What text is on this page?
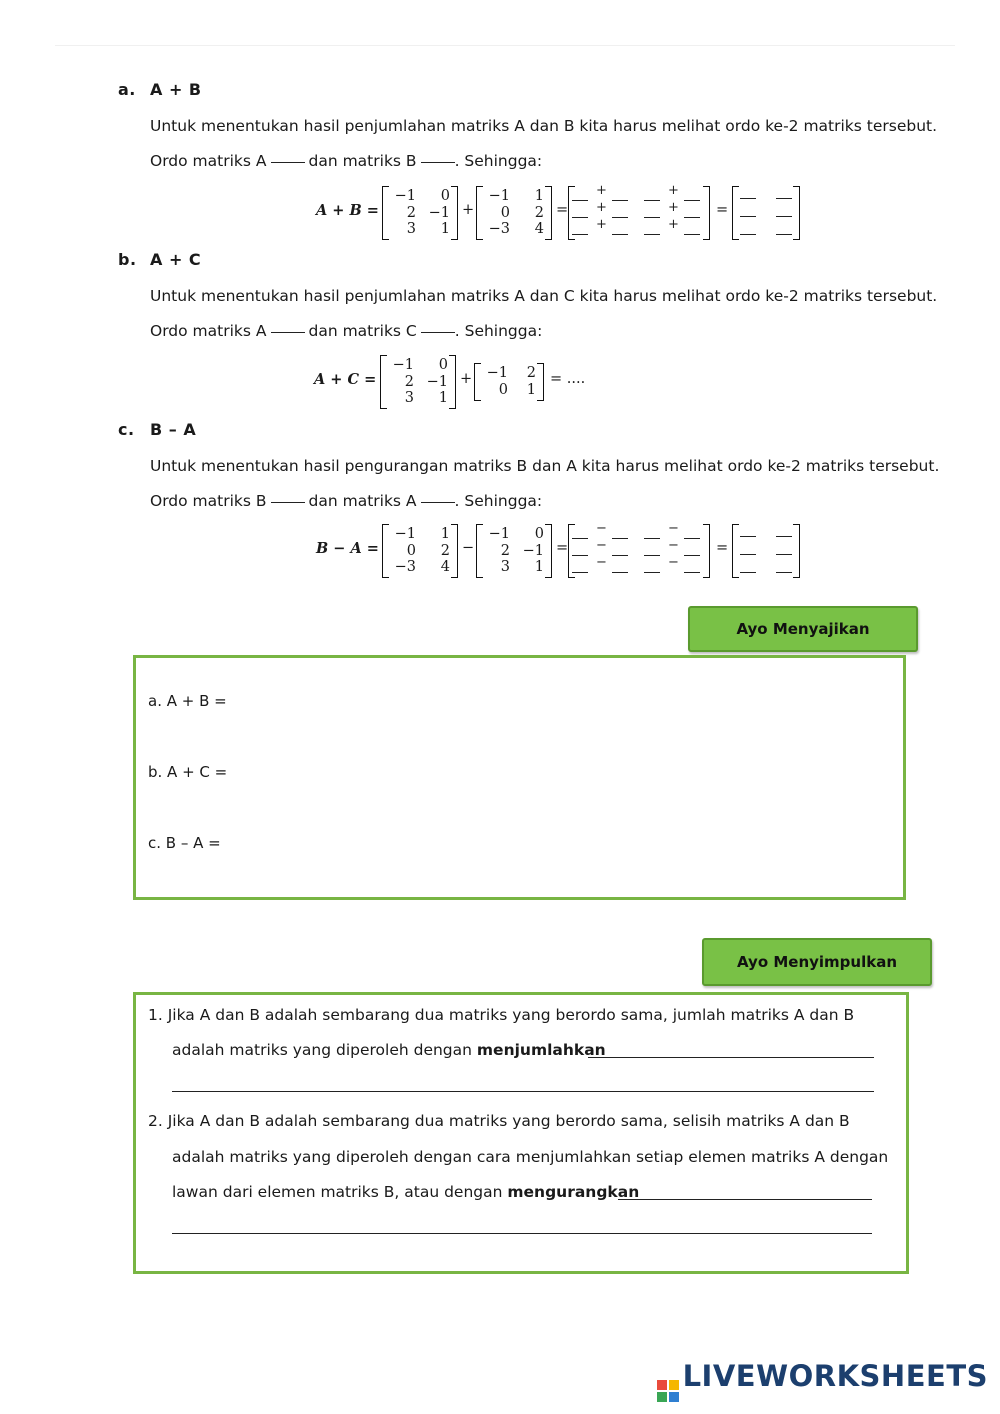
a. A + B
Untuk menentukan hasil penjumlahan matriks A dan B kita harus melihat ordo ke-2 matriks tersebut.
Ordo matriks A	dan matriks B . Sehingga:
A + B =
−1	0
2 −1
3	1
+
−1	1
0	2
−3	4
=
+	+
+	+
+	+
=
b. A + C
Untuk menentukan hasil penjumlahan matriks A dan C kita harus melihat ordo ke-2 matriks tersebut.
Ordo matriks A	dan matriks C . Sehingga:
A + C =
−1	0
2 −1
3	1
+ −1	2
0	1
= ....
c. B – A
Untuk menentukan hasil pengurangan matriks B dan A kita harus melihat ordo ke-2 matriks tersebut.
Ordo matriks B	dan matriks A . Sehingga:
B − A =
−1	1
0	2
−3	4
−
−1	0
2 −1
3	1
=
−	−
−	−
−	−
=
Ayo Menyajikan
a. A + B =
b. A + C =
c. B – A =
Ayo Menyimpulkan
1. Jika A dan B adalah sembarang dua matriks yang berordo sama, jumlah matriks A dan B
adalah matriks yang diperoleh dengan menjumlahkan
2. Jika A dan B adalah sembarang dua matriks yang berordo sama, selisih matriks A dan B
adalah matriks yang diperoleh dengan cara menjumlahkan setiap elemen matriks A dengan
lawan dari elemen matriks B, atau dengan mengurangkan
LIVEWORKSHEETS
